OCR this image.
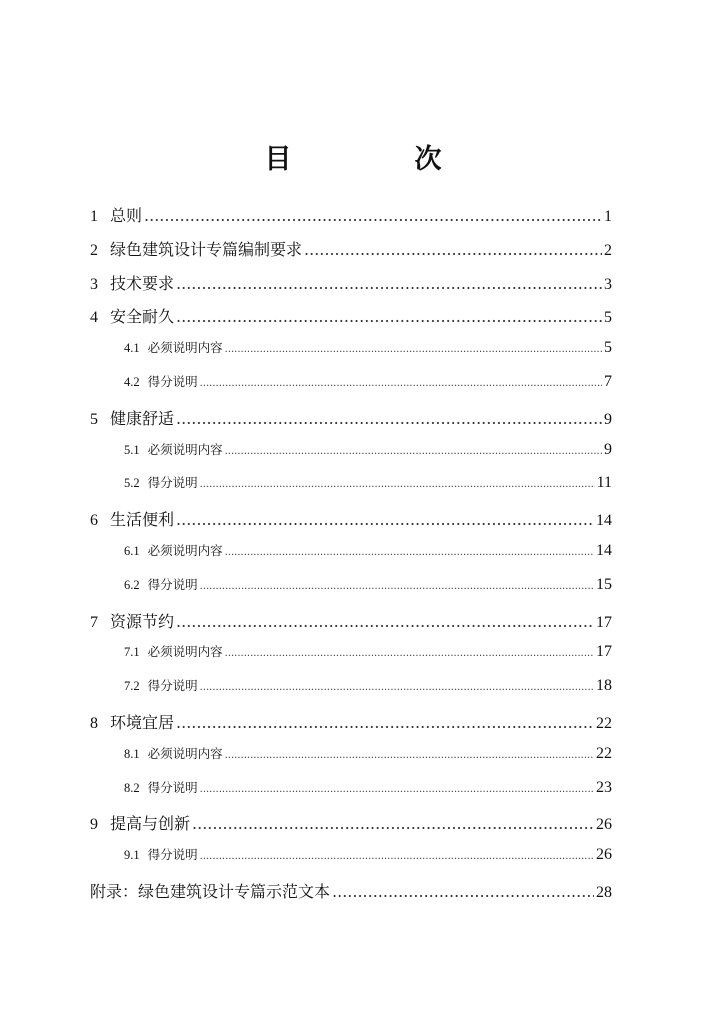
目　次
1 总则 .....	1
2 绿色建筑设计专篇编制要求 .....	2
3 技术要求 .....	3
4 安全耐久 .....	5
4.1 必须说明内容 .....	5
4.2 得分说明 .....	7
5 健康舒适 .....	9
5.1 必须说明内容 .....	9
5.2 得分说明 .....	11
6 生活便利 .....	14
6.1 必须说明内容 .....	14
6.2 得分说明 .....	15
7 资源节约 .....	17
7.1 必须说明内容 .....	17
7.2 得分说明 .....	18
8 环境宜居 .....	22
8.1 必须说明内容 .....	22
8.2 得分说明 .....	23
9 提高与创新 .....	26
9.1 得分说明 .....	26
附录：绿色建筑设计专篇示范文本 .....	28
